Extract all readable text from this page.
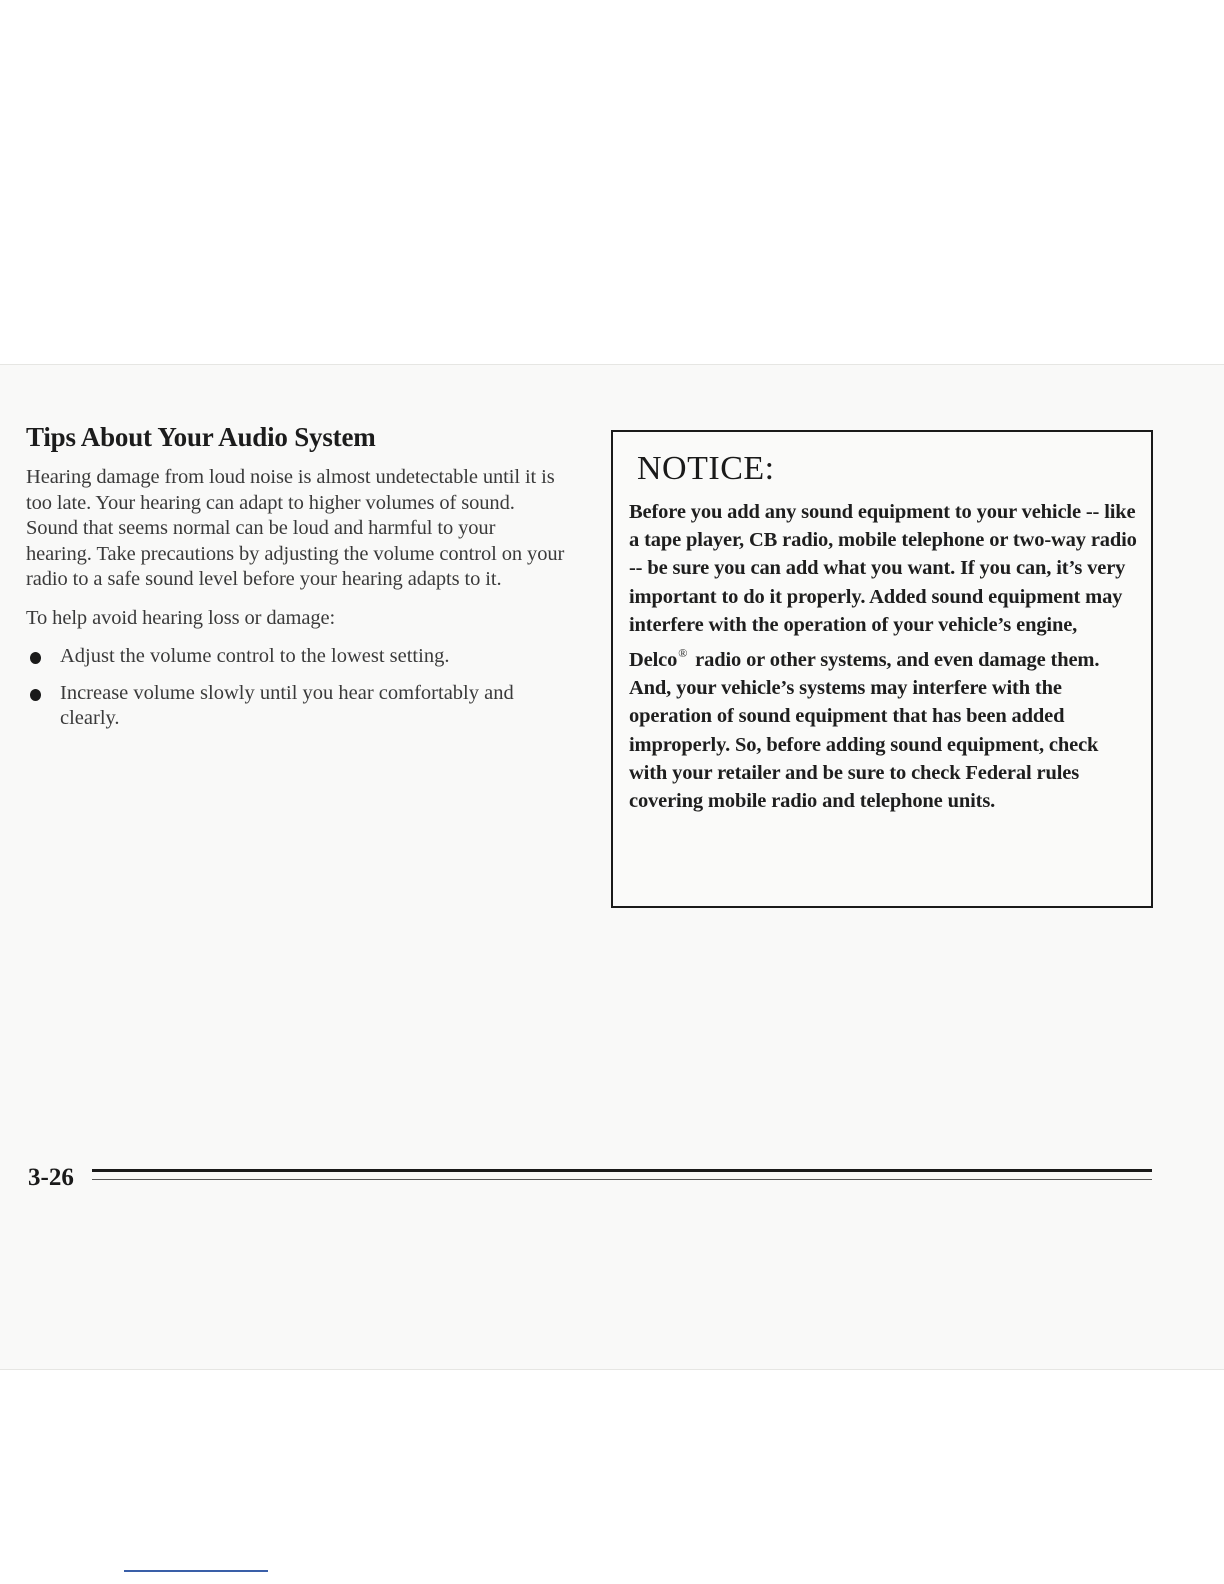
Tips About Your Audio System

Hearing damage from loud noise is almost undetectable until it is too late. Your hearing can adapt to higher volumes of sound. Sound that seems normal can be loud and harmful to your hearing. Take precautions by adjusting the volume control on your radio to a safe sound level before your hearing adapts to it.

To help avoid hearing loss or damage:

Adjust the volume control to the lowest setting.
Increase volume slowly until you hear comfortably and clearly.
NOTICE:

Before you add any sound equipment to your vehicle -- like a tape player, CB radio, mobile telephone or two-way radio -- be sure you can add what you want. If you can, it’s very important to do it properly. Added sound equipment may interfere with the operation of your vehicle’s engine, Delco® radio or other systems, and even damage them. And, your vehicle’s systems may interfere with the operation of sound equipment that has been added improperly. So, before adding sound equipment, check with your retailer and be sure to check Federal rules covering mobile radio and telephone units.

3-26
